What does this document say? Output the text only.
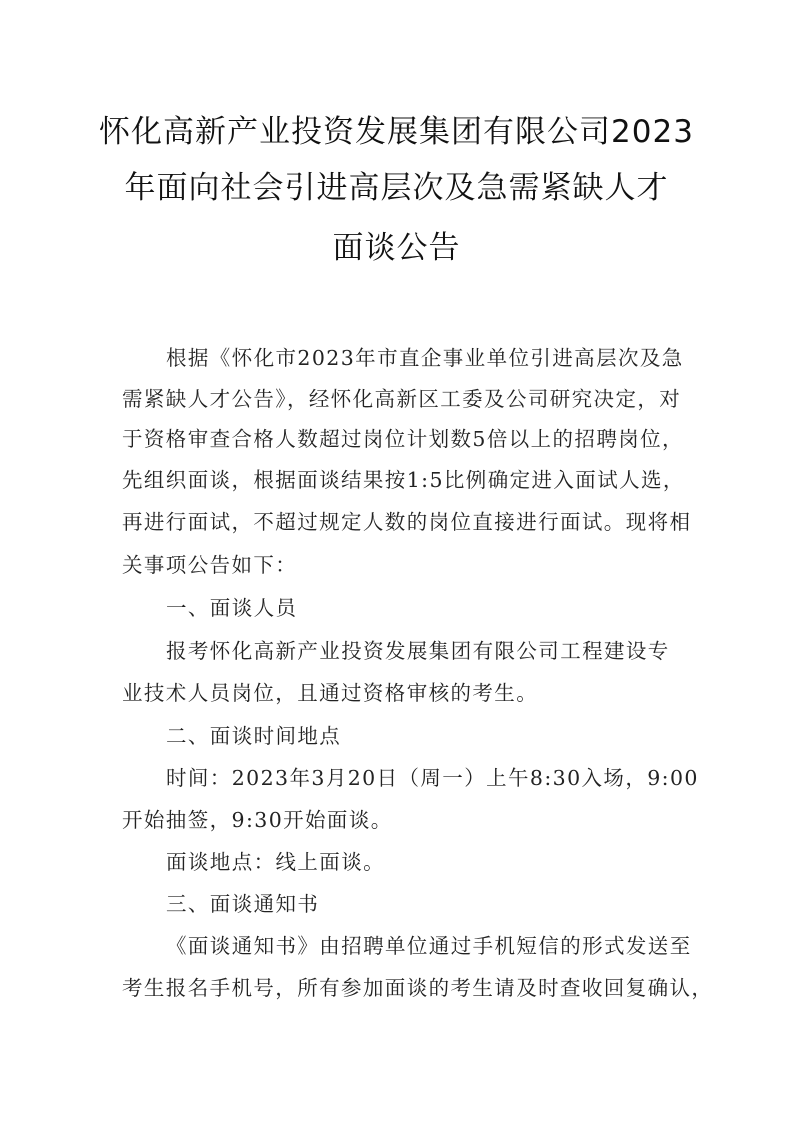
怀化高新产业投资发展集团有限公司2023
年面向社会引进高层次及急需紧缺人才
面谈公告
根据《怀化市2023年市直企事业单位引进高层次及急
需紧缺人才公告》，经怀化高新区工委及公司研究决定，对
于资格审查合格人数超过岗位计划数5倍以上的招聘岗位，
先组织面谈，根据面谈结果按1:5比例确定进入面试人选，
再进行面试，不超过规定人数的岗位直接进行面试。现将相
关事项公告如下：
一、面谈人员
报考怀化高新产业投资发展集团有限公司工程建设专
业技术人员岗位，且通过资格审核的考生。
二、面谈时间地点
时间：2023年3月20日（周一）上午8:30入场，9:00
开始抽签，9:30开始面谈。
面谈地点：线上面谈。
三、面谈通知书
《面谈通知书》由招聘单位通过手机短信的形式发送至
考生报名手机号，所有参加面谈的考生请及时查收回复确认，
